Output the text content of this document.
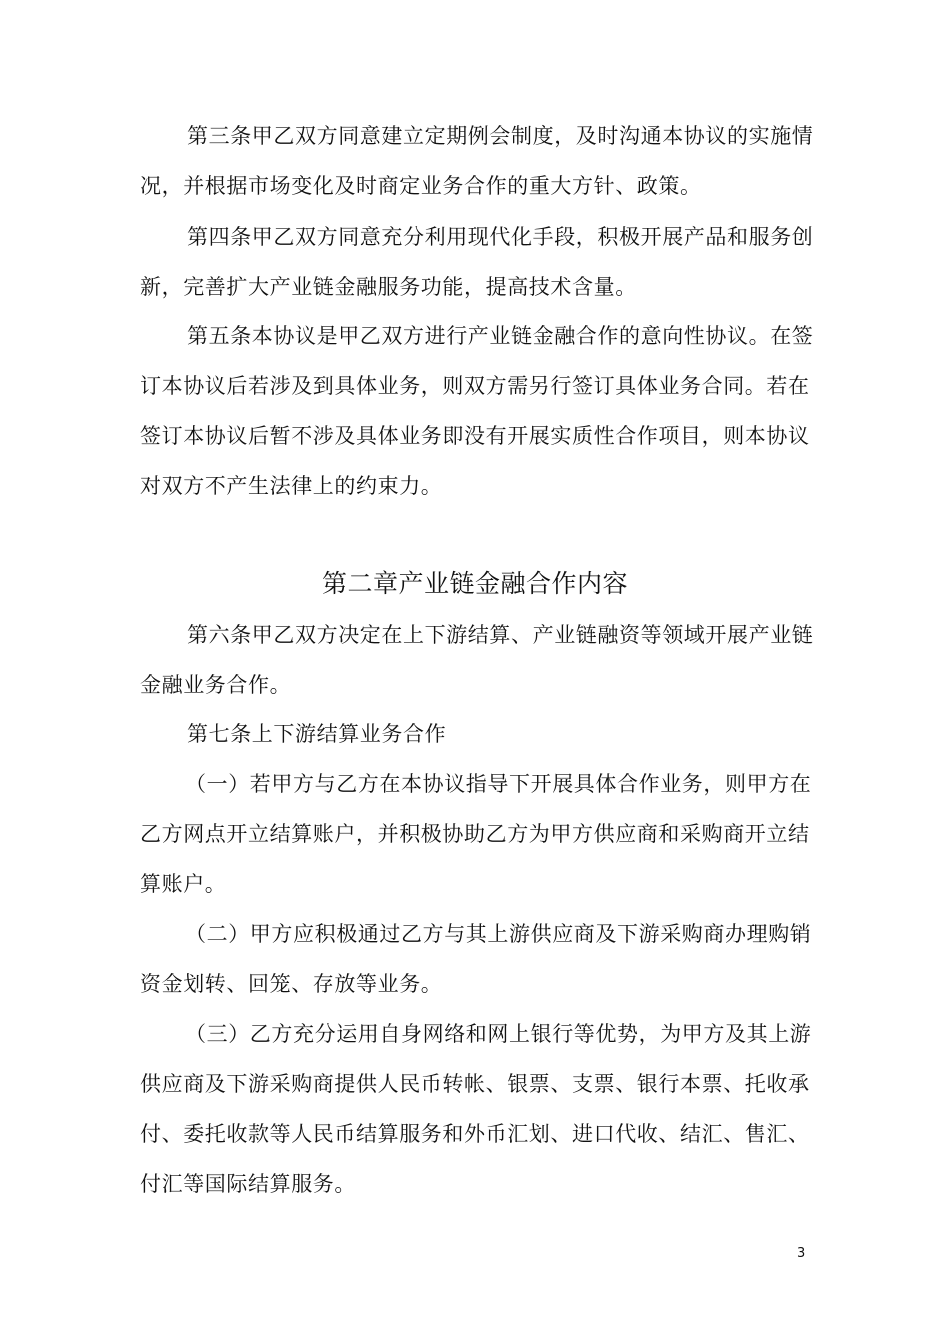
第三条甲乙双方同意建立定期例会制度，及时沟通本协议的实施情
况，并根据市场变化及时商定业务合作的重大方针、政策。
第四条甲乙双方同意充分利用现代化手段，积极开展产品和服务创
新，完善扩大产业链金融服务功能，提高技术含量。
第五条本协议是甲乙双方进行产业链金融合作的意向性协议。在签
订本协议后若涉及到具体业务，则双方需另行签订具体业务合同。若在
签订本协议后暂不涉及具体业务即没有开展实质性合作项目，则本协议
对双方不产生法律上的约束力。
第二章产业链金融合作内容
第六条甲乙双方决定在上下游结算、产业链融资等领域开展产业链
金融业务合作。
第七条上下游结算业务合作
（一）若甲方与乙方在本协议指导下开展具体合作业务，则甲方在
乙方网点开立结算账户，并积极协助乙方为甲方供应商和采购商开立结
算账户。
（二）甲方应积极通过乙方与其上游供应商及下游采购商办理购销
资金划转、回笼、存放等业务。
（三）乙方充分运用自身网络和网上银行等优势，为甲方及其上游
供应商及下游采购商提供人民币转帐、银票、支票、银行本票、托收承
付、委托收款等人民币结算服务和外币汇划、进口代收、结汇、售汇、
付汇等国际结算服务。
3
